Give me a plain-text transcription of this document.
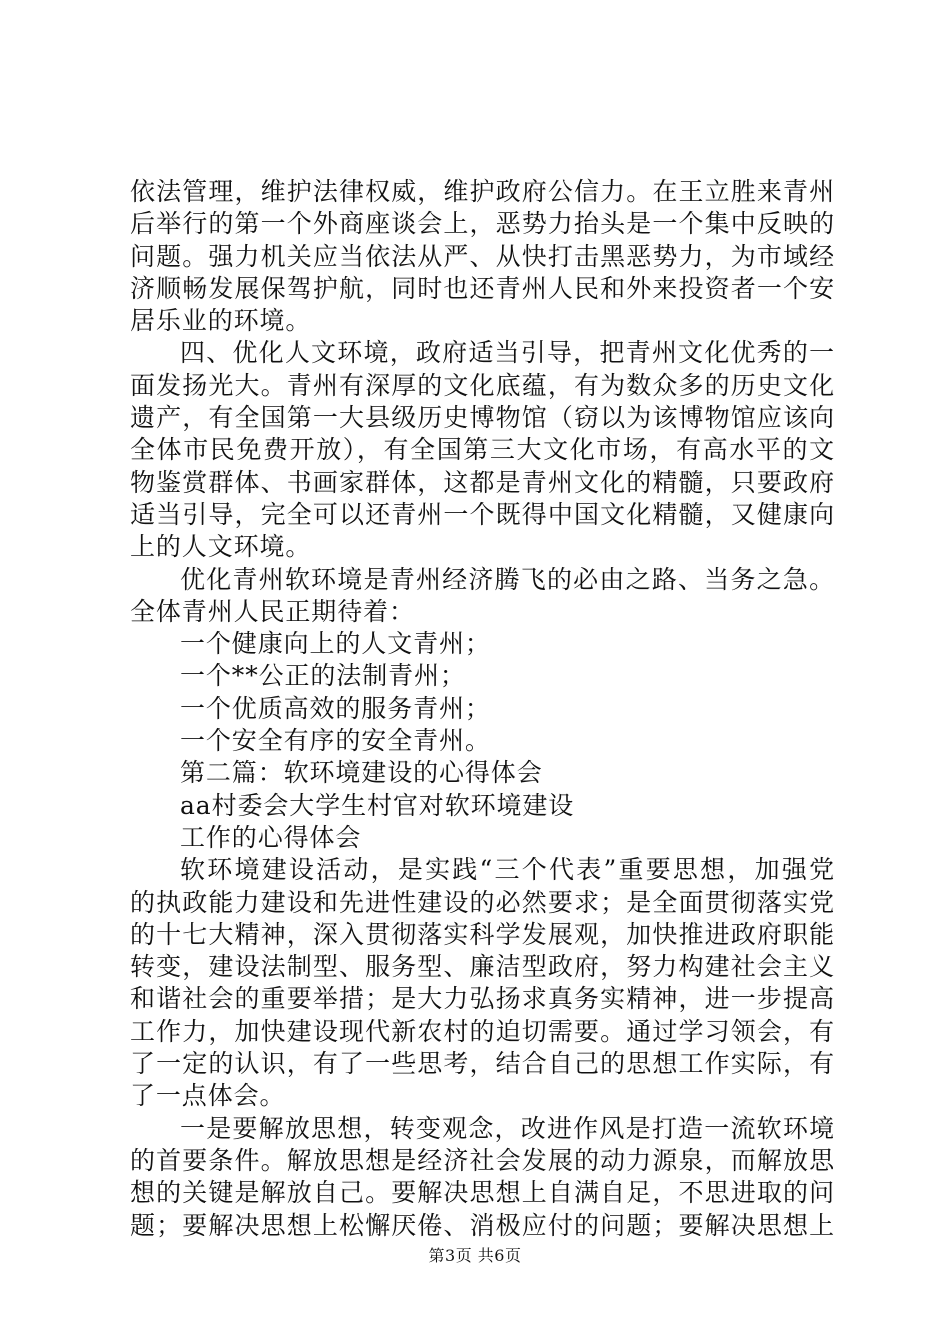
依法管理，维护法律权威，维护政府公信力。在王立胜来青州
后举行的第一个外商座谈会上，恶势力抬头是一个集中反映的
问题。强力机关应当依法从严、从快打击黑恶势力，为市域经
济顺畅发展保驾护航，同时也还青州人民和外来投资者一个安
居乐业的环境。
四、优化人文环境，政府适当引导，把青州文化优秀的一
面发扬光大。青州有深厚的文化底蕴，有为数众多的历史文化
遗产，有全国第一大县级历史博物馆（窃以为该博物馆应该向
全体市民免费开放），有全国第三大文化市场，有高水平的文
物鉴赏群体、书画家群体，这都是青州文化的精髓，只要政府
适当引导，完全可以还青州一个既得中国文化精髓，又健康向
上的人文环境。
优化青州软环境是青州经济腾飞的必由之路、当务之急。
全体青州人民正期待着：
一个健康向上的人文青州；
一个**公正的法制青州；
一个优质高效的服务青州；
一个安全有序的安全青州。
第二篇：软环境建设的心得体会
aa村委会大学生村官对软环境建设
工作的心得体会
软环境建设活动，是实践“三个代表”重要思想，加强党
的执政能力建设和先进性建设的必然要求；是全面贯彻落实党
的十七大精神，深入贯彻落实科学发展观，加快推进政府职能
转变，建设法制型、服务型、廉洁型政府，努力构建社会主义
和谐社会的重要举措；是大力弘扬求真务实精神，进一步提高
工作力，加快建设现代新农村的迫切需要。通过学习领会，有
了一定的认识，有了一些思考，结合自己的思想工作实际，有
了一点体会。
一是要解放思想，转变观念，改进作风是打造一流软环境
的首要条件。解放思想是经济社会发展的动力源泉，而解放思
想的关键是解放自己。要解决思想上自满自足，不思进取的问
题；要解决思想上松懈厌倦、消极应付的问题；要解决思想上
第3页 共6页
